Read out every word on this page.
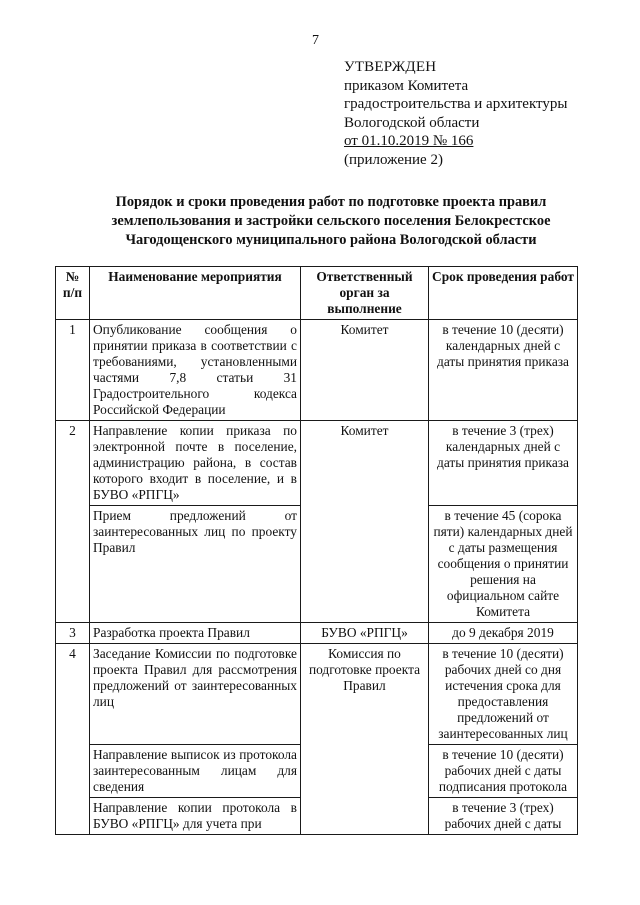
7
УТВЕРЖДЕН
приказом Комитета
градостроительства и архитектуры
Вологодской области
от 01.10.2019 № 166
(приложение 2)
Порядок и сроки проведения работ по подготовке проекта правил землепользования и застройки сельского поселения Белокрестское Чагодощенского муниципального района Вологодской области
№ п/п	Наименование мероприятия	Ответственный орган за выполнение	Срок проведения работ
1	Опубликование сообщения о принятии приказа в соответствии с требованиями, установленными частями 7,8 статьи 31 Градостроительного кодекса Российской Федерации	Комитет	в течение 10 (десяти) календарных дней с даты принятия приказа
2	Направление копии приказа по электронной почте в поселение, администрацию района, в состав которого входит в поселение, и в БУВО «РПГЦ»	Комитет	в течение 3 (трех) календарных дней с даты принятия приказа
	Прием предложений от заинтересованных лиц по проекту Правил		в течение 45 (сорока пяти) календарных дней с даты размещения сообщения о принятии решения на официальном сайте Комитета
3	Разработка проекта Правил	БУВО «РПГЦ»	до 9 декабря 2019
4	Заседание Комиссии по подготовке проекта Правил для рассмотрения предложений от заинтересованных лиц	Комиссия по подготовке проекта Правил	в течение 10 (десяти) рабочих дней со дня истечения срока для предоставления предложений от заинтересованных лиц
	Направление выписок из протокола заинтересованным лицам для сведения		в течение 10 (десяти) рабочих дней с даты подписания протокола
	Направление копии протокола в БУВО «РПГЦ» для учета при		в течение 3 (трех) рабочих дней с даты
